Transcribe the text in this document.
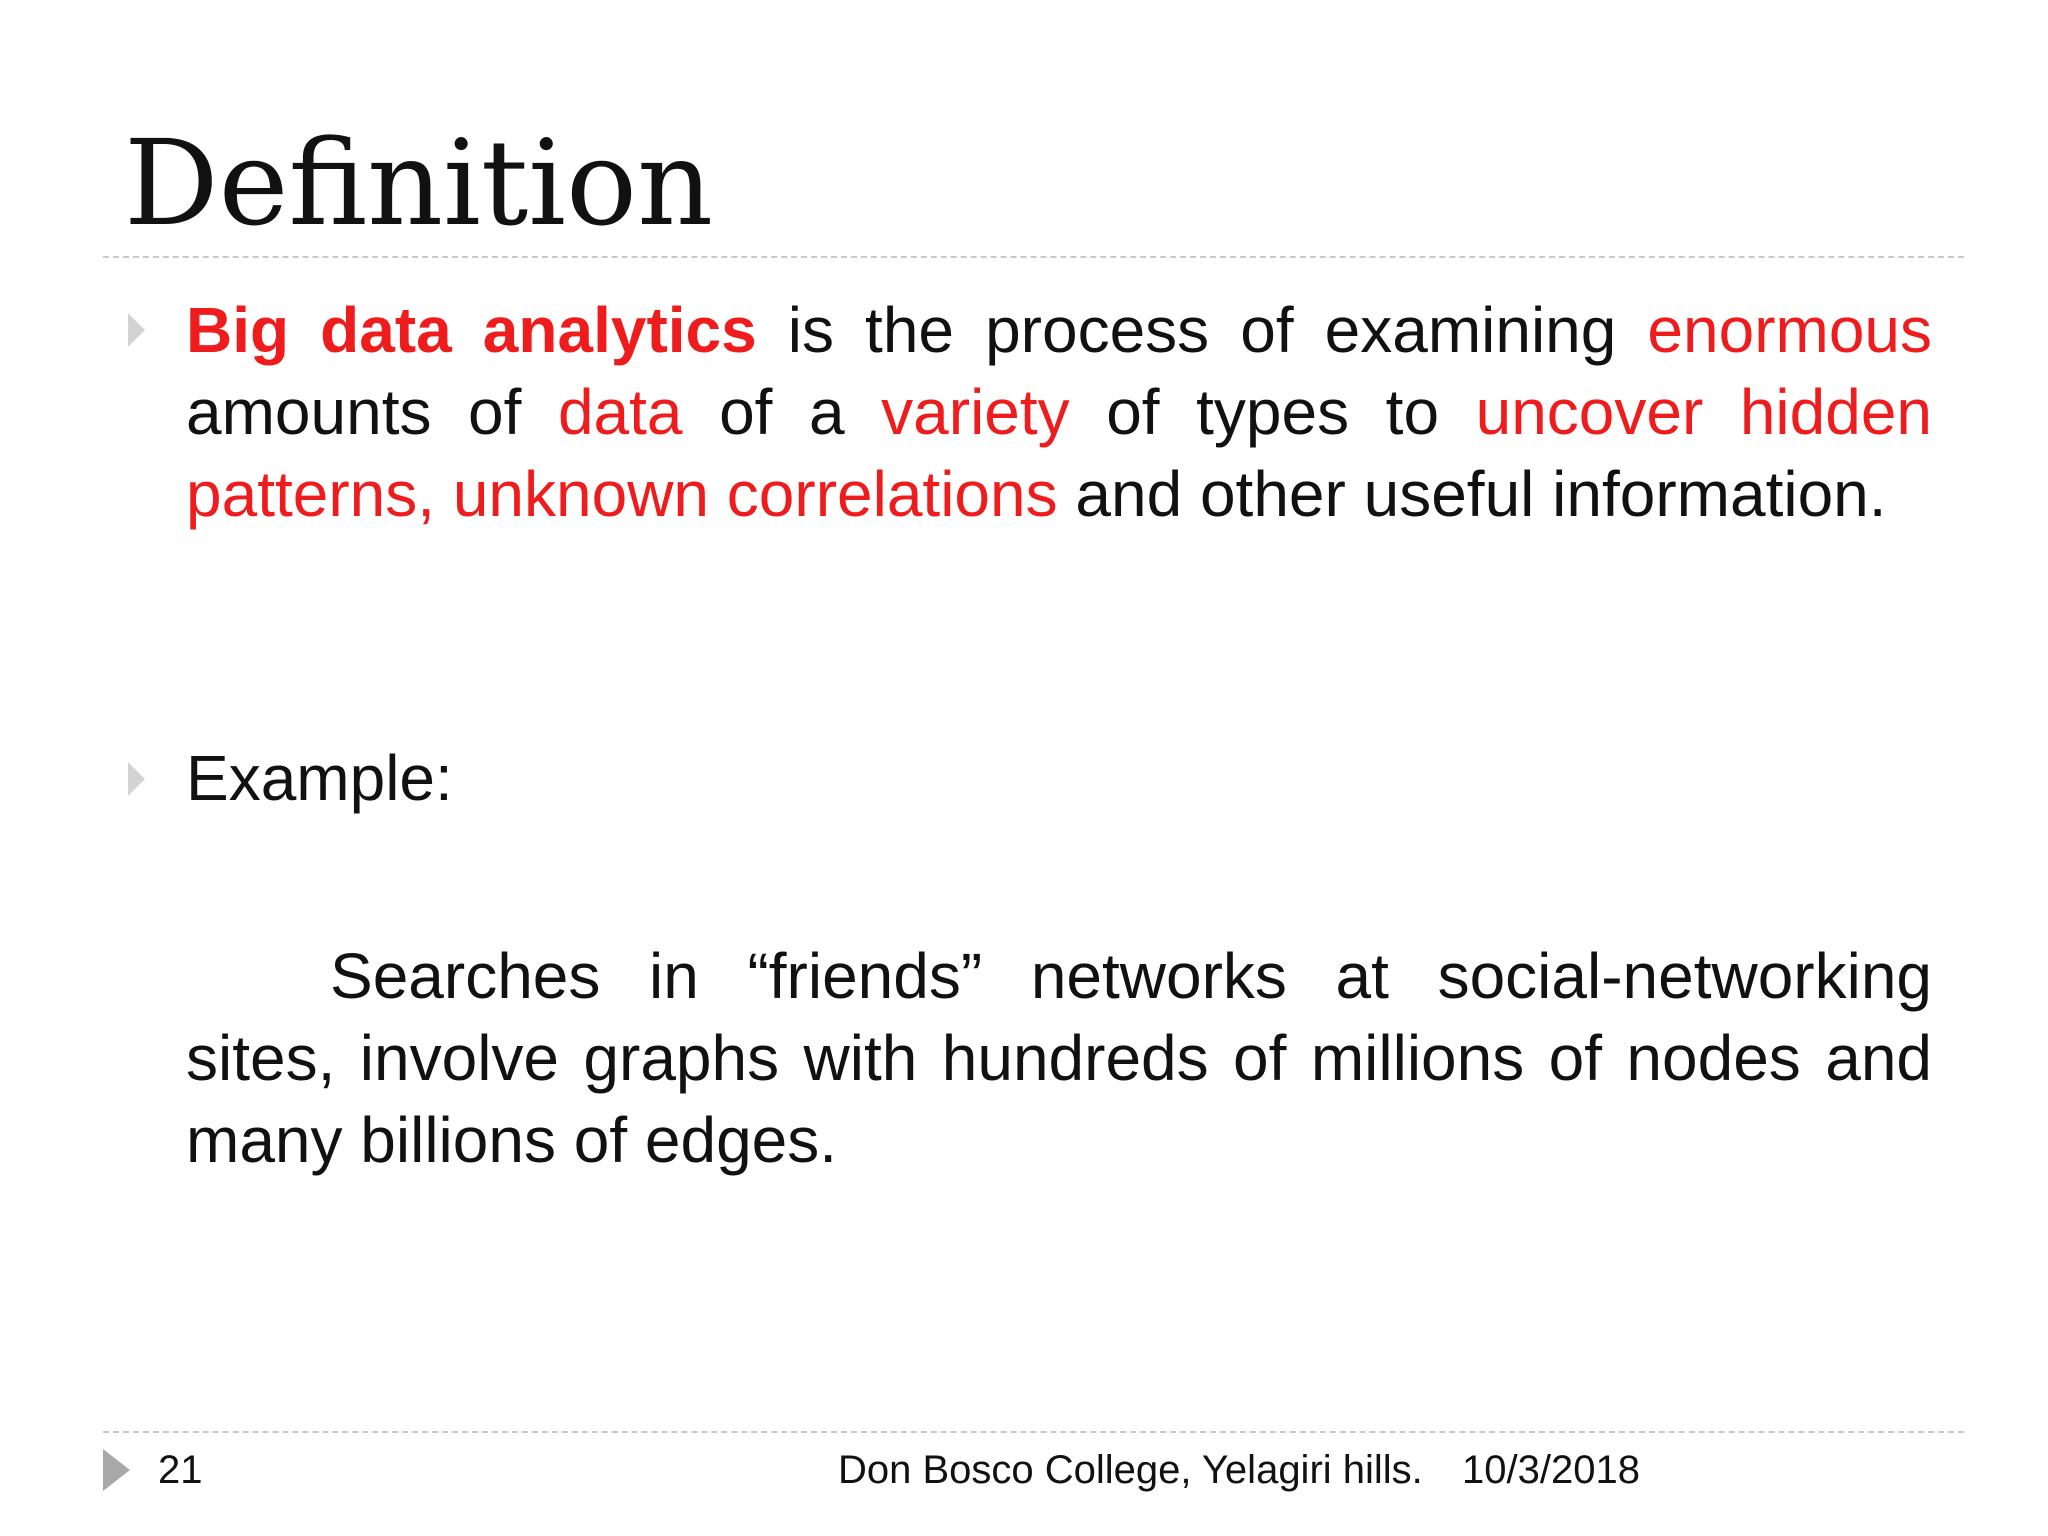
Definition
Big data analytics is the process of examining enormous amounts of data of a variety of types to uncover hidden patterns, unknown correlations and other useful information.
Example:
Searches in “friends” networks at social-networking sites, involve graphs with hundreds of millions of nodes and many billions of edges.
21	Don Bosco College, Yelagiri hills. 10/3/2018
